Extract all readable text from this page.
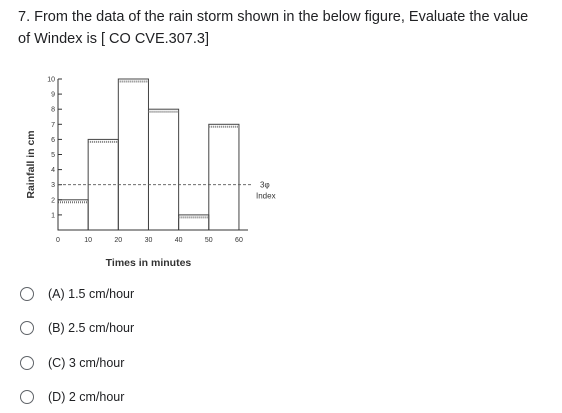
7. From the data of the rain storm shown in the below figure, Evaluate the value
of Windex is [ CO CVE.307.3]
1
2
3
4
5
6
7
8
9
10
0	10	20	30	40	50	60
3φ
Index
Rainfall in cm
Times in minutes
(A) 1.5 cm/hour
(B) 2.5 cm/hour
(C) 3 cm/hour
(D) 2 cm/hour
